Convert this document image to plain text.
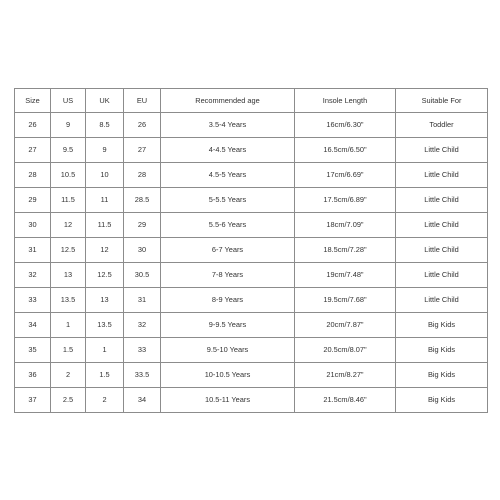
Size	US	UK	EU	Recommended age	Insole Length	Suitable For
26	9	8.5	26	3.5-4 Years	16cm/6.30"	Toddler
27	9.5	9	27	4-4.5 Years	16.5cm/6.50"	Little Child
28	10.5	10	28	4.5-5 Years	17cm/6.69"	Little Child
29	11.5	11	28.5	5-5.5 Years	17.5cm/6.89"	Little Child
30	12	11.5	29	5.5-6 Years	18cm/7.09"	Little Child
31	12.5	12	30	6-7 Years	18.5cm/7.28"	Little Child
32	13	12.5	30.5	7-8 Years	19cm/7.48"	Little Child
33	13.5	13	31	8-9 Years	19.5cm/7.68"	Little Child
34	1	13.5	32	9-9.5 Years	20cm/7.87"	Big Kids
35	1.5	1	33	9.5-10 Years	20.5cm/8.07"	Big Kids
36	2	1.5	33.5	10-10.5 Years	21cm/8.27"	Big Kids
37	2.5	2	34	10.5-11 Years	21.5cm/8.46"	Big Kids
